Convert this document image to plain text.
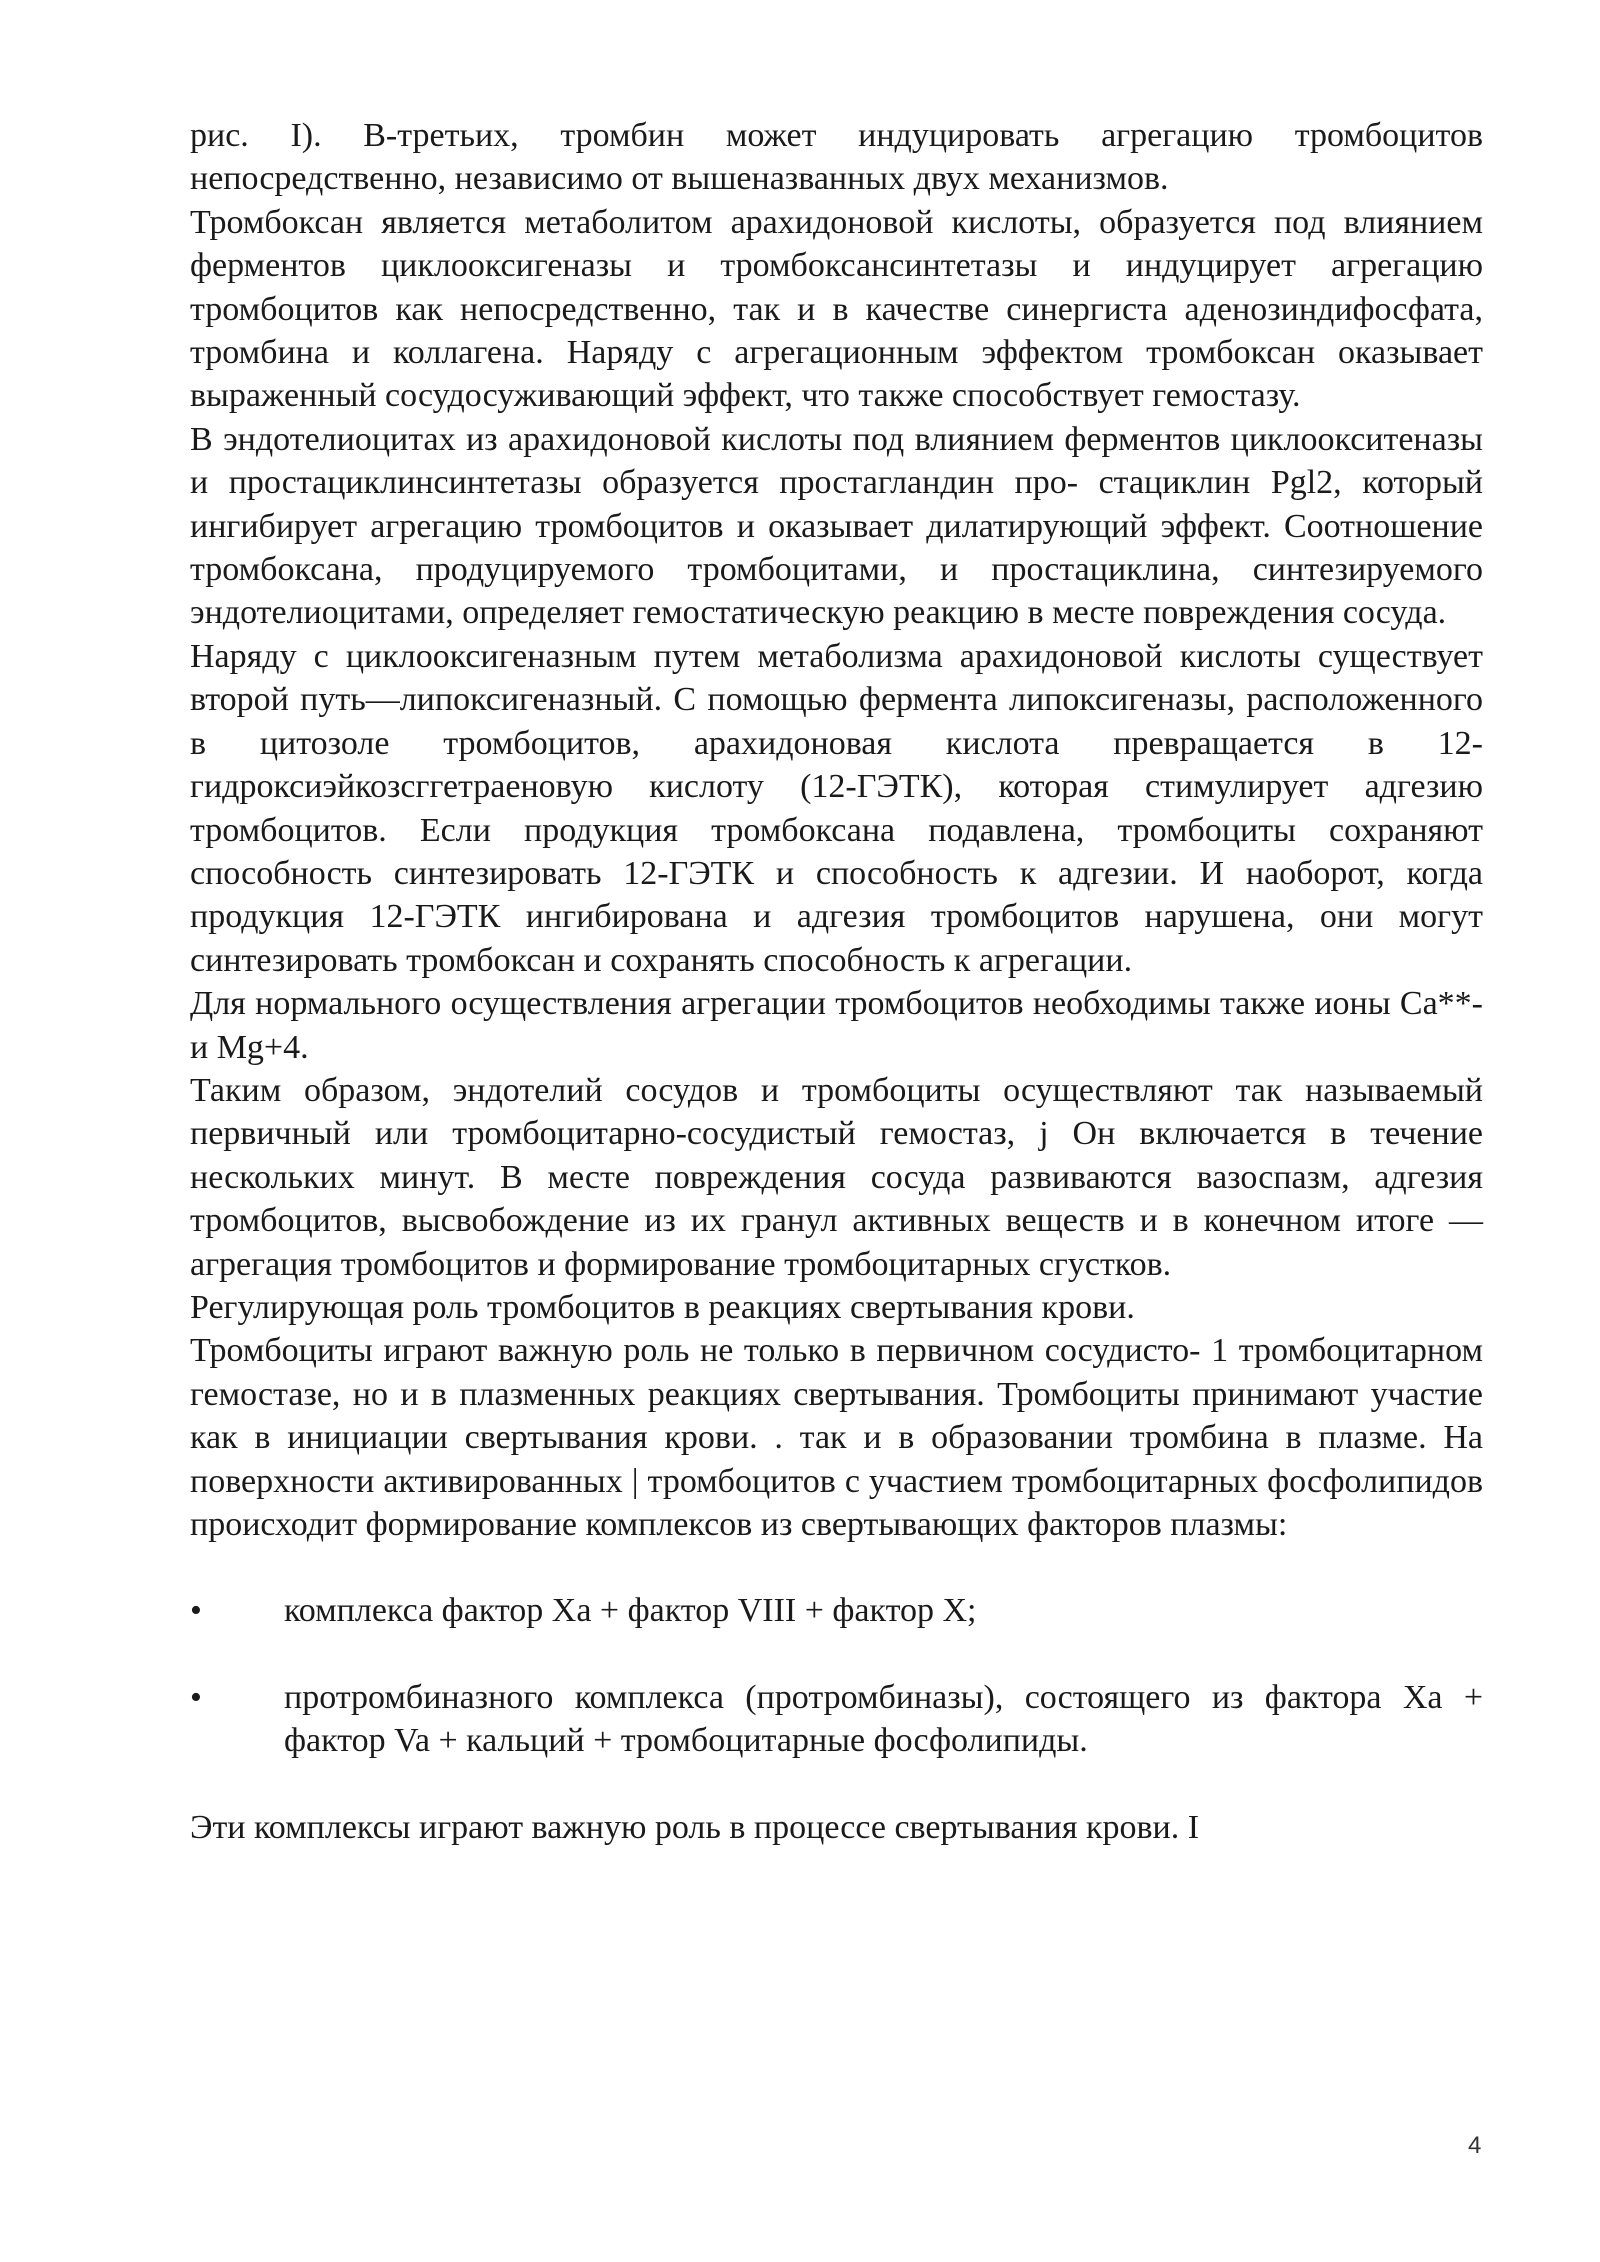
рис. I). В-третьих, тромбин может индуцировать агрегацию тромбоцитов непосредственно, независимо от вышеназванных двух механизмов.

Тромбоксан является метаболитом арахидоновой кислоты, образуется под влиянием ферментов циклооксигеназы и тромбоксансинтетазы и индуцирует агрегацию тромбоцитов как непосредственно, так и в качестве синергиста аденозиндифосфата, тромбина и коллагена. Наряду с агрегационным эффектом тромбоксан оказывает выраженный сосудосуживающий эффект, что также способствует гемостазу.

В эндотелиоцитах из арахидоновой кислоты под влиянием ферментов циклоокситеназы и простациклинсинтетазы образуется простагландин про- стациклин Pgl2, который ингибирует агрегацию тромбоцитов и оказывает дилатирующий эффект. Соотношение тромбоксана, продуцируемого тромбоцитами, и простациклина, синтезируемого эндотелиоцитами, определяет гемостатическую реакцию в месте повреждения сосуда.

Наряду с циклооксигеназным путем метаболизма арахидоновой кислоты существует второй путь—липоксигеназный. С помощью фермента липоксигеназы, расположенного в цитозоле тромбоцитов, арахидоновая кислота превращается в 12-гидроксиэйкозсггетраеновую кислоту (12-ГЭТК), которая стимулирует адгезию тромбоцитов. Если продукция тромбоксана подавлена, тромбоциты сохраняют способность синтезировать 12-ГЭТК и способность к адгезии. И наоборот, когда продукция 12-ГЭТК ингибирована и адгезия тромбоцитов нарушена, они могут синтезировать тромбоксан и сохранять способность к агрегации.

Для нормального осуществления агрегации тромбоцитов необходимы также ионы Са**- и Mg+4.

Таким образом, эндотелий сосудов и тромбоциты осуществляют так называемый первичный или тромбоцитарно-сосудистый гемостаз, j Он включается в течение нескольких минут. В месте повреждения сосуда развиваются вазоспазм, адгезия тромбоцитов, высвобождение из их гранул активных веществ и в конечном итоге — агрегация тромбоцитов и формирование тромбоцитарных сгустков.

Регулирующая роль тромбоцитов в реакциях свертывания крови.

Тромбоциты играют важную роль не только в первичном сосудисто- 1 тромбоцитарном гемостазе, но и в плазменных реакциях свертывания. Тромбоциты принимают участие как в инициации свертывания крови. . так и в образовании тромбина в плазме. На поверхности активированных | тромбоцитов с участием тромбоцитарных фосфолипидов происходит формирование комплексов из свертывающих факторов плазмы:

• комплекса фактор Ха + фактор VIII + фактор X;
• протромбиназного комплекса (протромбиназы), состоящего из фактора Ха + фактор Va + кальций + тромбоцитарные фосфолипиды.

Эти комплексы играют важную роль в процессе свертывания крови. I

4
